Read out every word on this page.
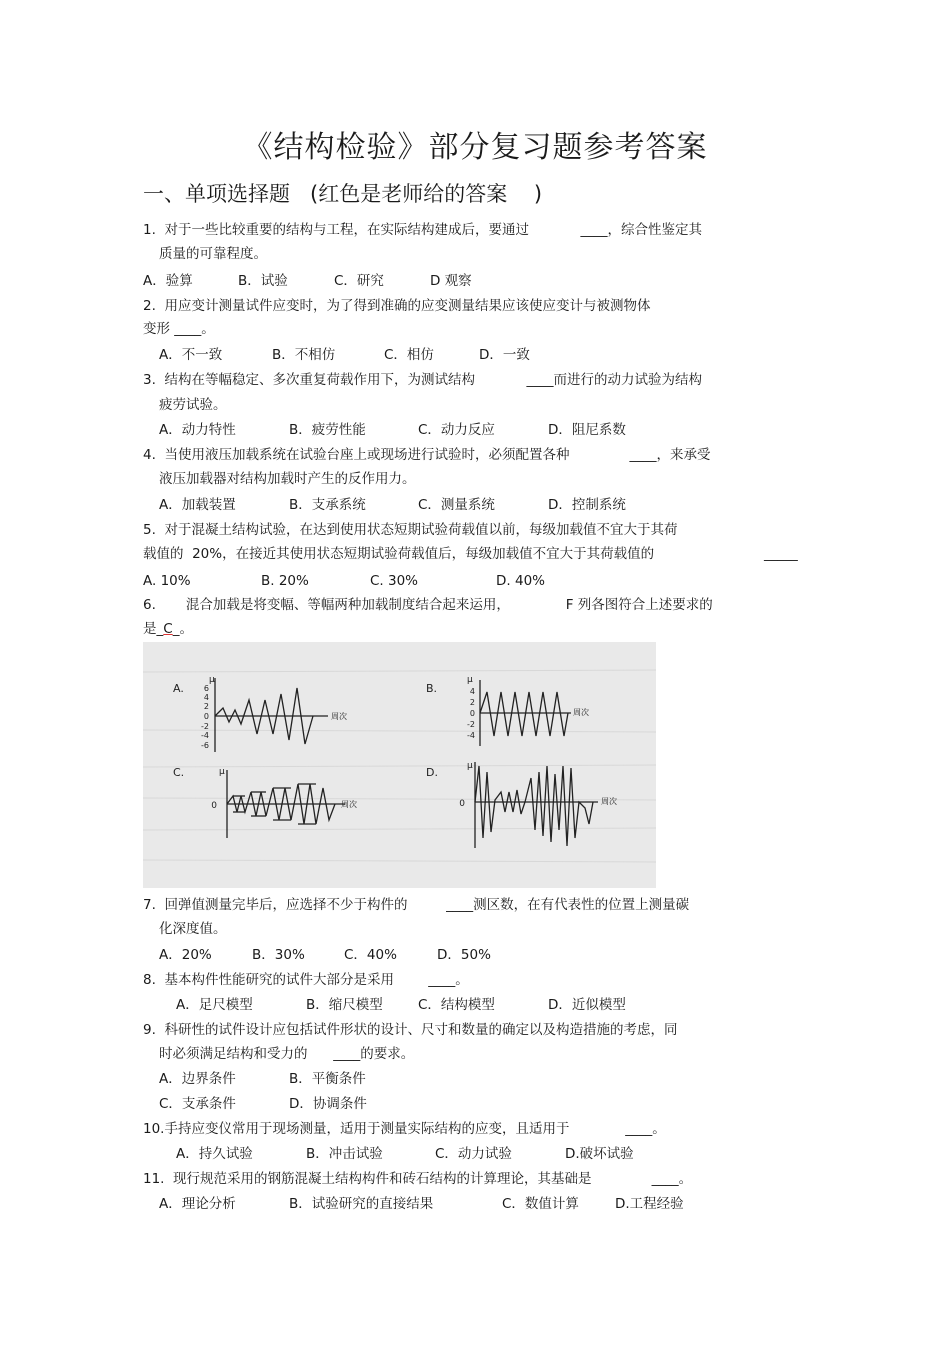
《结构检验》部分复习题参考答案
一、单项选择题   (红色是老师给的答案    )
1.  对于一些比较重要的结构与工程，在实际结构建成后，要通过            ____，综合性鉴定其
质量的可靠程度。
A．验算	B．试验	C．研究	D 观察
2.  用应变计测量试件应变时，为了得到准确的应变测量结果应该使应变计与被测物体
变形 ____。
A．不一致	B．不相仿	C．相仿	D．一致
3.  结构在等幅稳定、多次重复荷载作用下，为测试结构            ____而进行的动力试验为结构
疲劳试验。
A．动力特性	B．疲劳性能	C．动力反应	D．阻尼系数
4.  当使用液压加载系统在试验台座上或现场进行试验时，必须配置各种              ____，来承受
液压加载器对结构加载时产生的反作用力。
A．加载装置	B．支承系统	C．测量系统	D．控制系统
5.  对于混凝土结构试验，在达到使用状态短期试验荷载值以前，每级加载值不宜大于其荷
载值的  20%，在接近其使用状态短期试验荷载值后，每级加载值不宜大于其荷载值的	_____
A. 10%	B. 20%	C. 30%	D. 40%
6.       混合加载是将变幅、等幅两种加载制度结合起来运用，             F 列各图符合上述要求的
是_C_。
A.
μ
6
4
2
0
-2
-4
-6
周次
B.
μ
4
2
0
-2
-4
周次
C.	μ
0	周次
D.	μ
0	周次
7.  回弹值测量完毕后，应选择不少于构件的         ____测区数，在有代表性的位置上测量碳
化深度值。
A．20%	B．30%	C．40%	D．50%
8.  基本构件性能研究的试件大部分是采用        ____。
A．足尺模型	B．缩尺模型	C．结构模型	D．近似模型
9.  科研性的试件设计应包括试件形状的设计、尺寸和数量的确定以及构造措施的考虑，同
时必须满足结构和受力的      ____的要求。
A．边界条件	B．平衡条件
C．支承条件	D．协调条件
10.手持应变仪常用于现场测量，适用于测量实际结构的应变，且适用于             ____。
A．持久试验	B．冲击试验	C．动力试验	D.破坏试验
11.  现行规范采用的钢筋混凝土结构构件和砖石结构的计算理论，其基础是              ____。
A．理论分析	B．试验研究的直接结果	C．数值计算	D.工程经验
